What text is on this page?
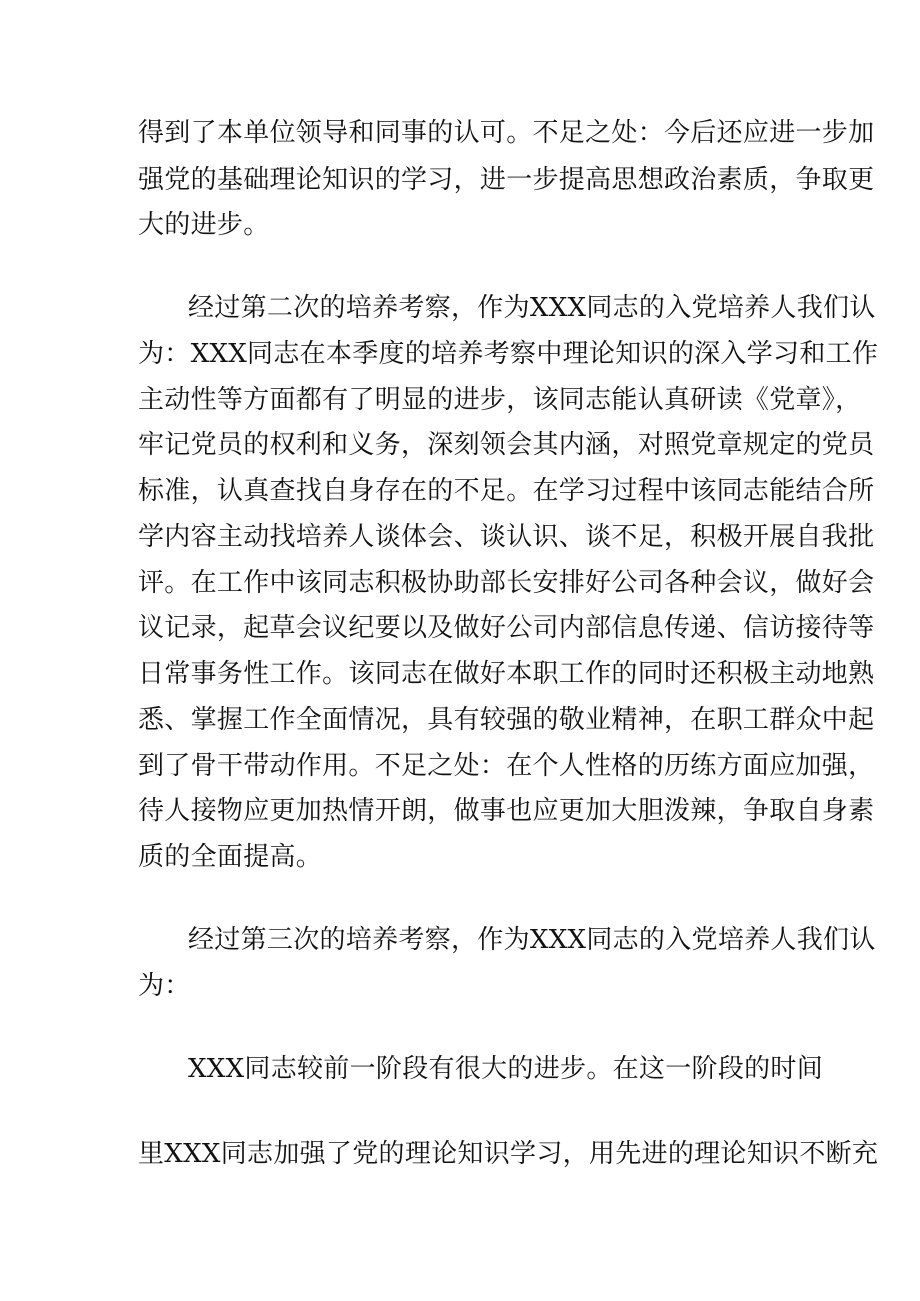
得到了本单位领导和同事的认可。不足之处：今后还应进一步加
强党的基础理论知识的学习，进一步提高思想政治素质，争取更
大的进步。
经过第二次的培养考察，作为XXX同志的入党培养人我们认
为：XXX同志在本季度的培养考察中理论知识的深入学习和工作
主动性等方面都有了明显的进步，该同志能认真研读《党章》，
牢记党员的权利和义务，深刻领会其内涵，对照党章规定的党员
标准，认真查找自身存在的不足。在学习过程中该同志能结合所
学内容主动找培养人谈体会、谈认识、谈不足，积极开展自我批
评。在工作中该同志积极协助部长安排好公司各种会议，做好会
议记录，起草会议纪要以及做好公司内部信息传递、信访接待等
日常事务性工作。该同志在做好本职工作的同时还积极主动地熟
悉、掌握工作全面情况，具有较强的敬业精神，在职工群众中起
到了骨干带动作用。不足之处：在个人性格的历练方面应加强，
待人接物应更加热情开朗，做事也应更加大胆泼辣，争取自身素
质的全面提高。
经过第三次的培养考察，作为XXX同志的入党培养人我们认
为：
XXX同志较前一阶段有很大的进步。在这一阶段的时间
里XXX同志加强了党的理论知识学习，用先进的理论知识不断充
